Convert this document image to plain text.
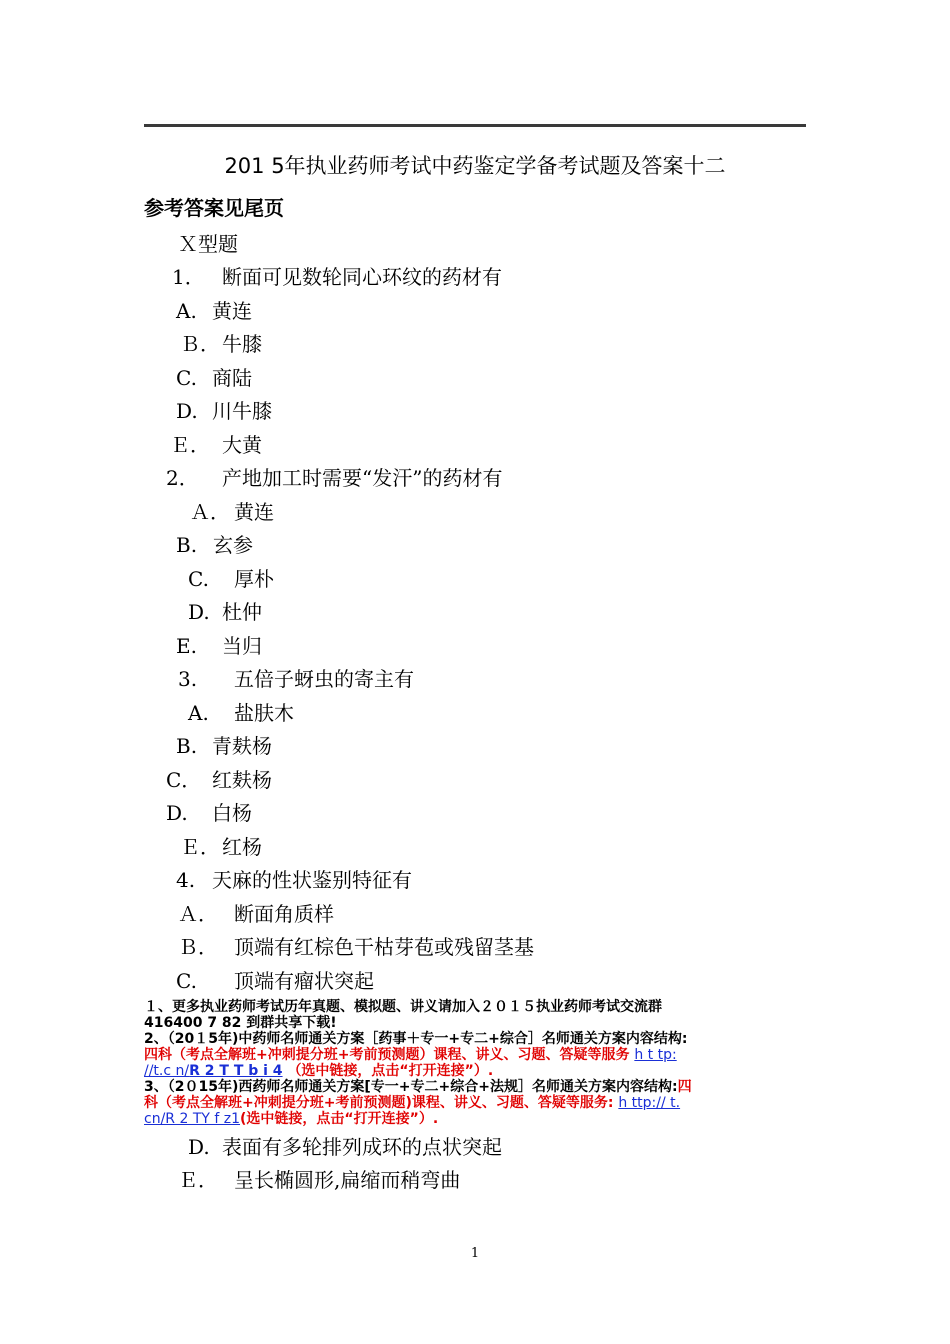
201 5年执业药师考试中药鉴定学备考试题及答案十二
参考答案见尾页
Ｘ型题
1． 断面可见数轮同心环纹的药材有
A. 黄连
Ｂ． 牛膝
C. 商陆
D. 川牛膝
Ｅ． 大黄
2． 产地加工时需要“发汗”的药材有
Ａ． 黄连
B. 玄参
C. 厚朴
D. 杜仲
E. 当归
3. 五倍子蚜虫的寄主有
A. 盐肤木
B. 青麸杨
C． 红麸杨
D. 白杨
Ｅ． 红杨
4. 天麻的性状鉴别特征有
Ａ． 断面角质样
Ｂ． 顶端有红棕色干枯芽苞或残留茎基
C. 顶端有瘤状突起
１、更多执业药师考试历年真题、模拟题、讲义请加入２０１５执业药师考试交流群
416400 7 82 到群共享下载!
2、（20１5年)中药师名师通关方案［药事＋专一+专二+综合］名师通关方案内容结构:
四科（考点全解班+冲刺提分班+考前预测题）课程、讲义、习题、答疑等服务 h t tp:
//t.c n/R 2 T T b i 4 （选中链接，点击“打开连接”）.
3、（2０15年)西药师名师通关方案[专一+专二+综合+法规］名师通关方案内容结构:四
科（考点全解班+冲刺提分班+考前预测题)课程、讲义、习题、答疑等服务: h ttp:// t.
cn/R 2 TY f z1(选中链接，点击“打开连接”）.
D. 表面有多轮排列成环的点状突起
Ｅ． 呈长椭圆形,扁缩而稍弯曲
1
